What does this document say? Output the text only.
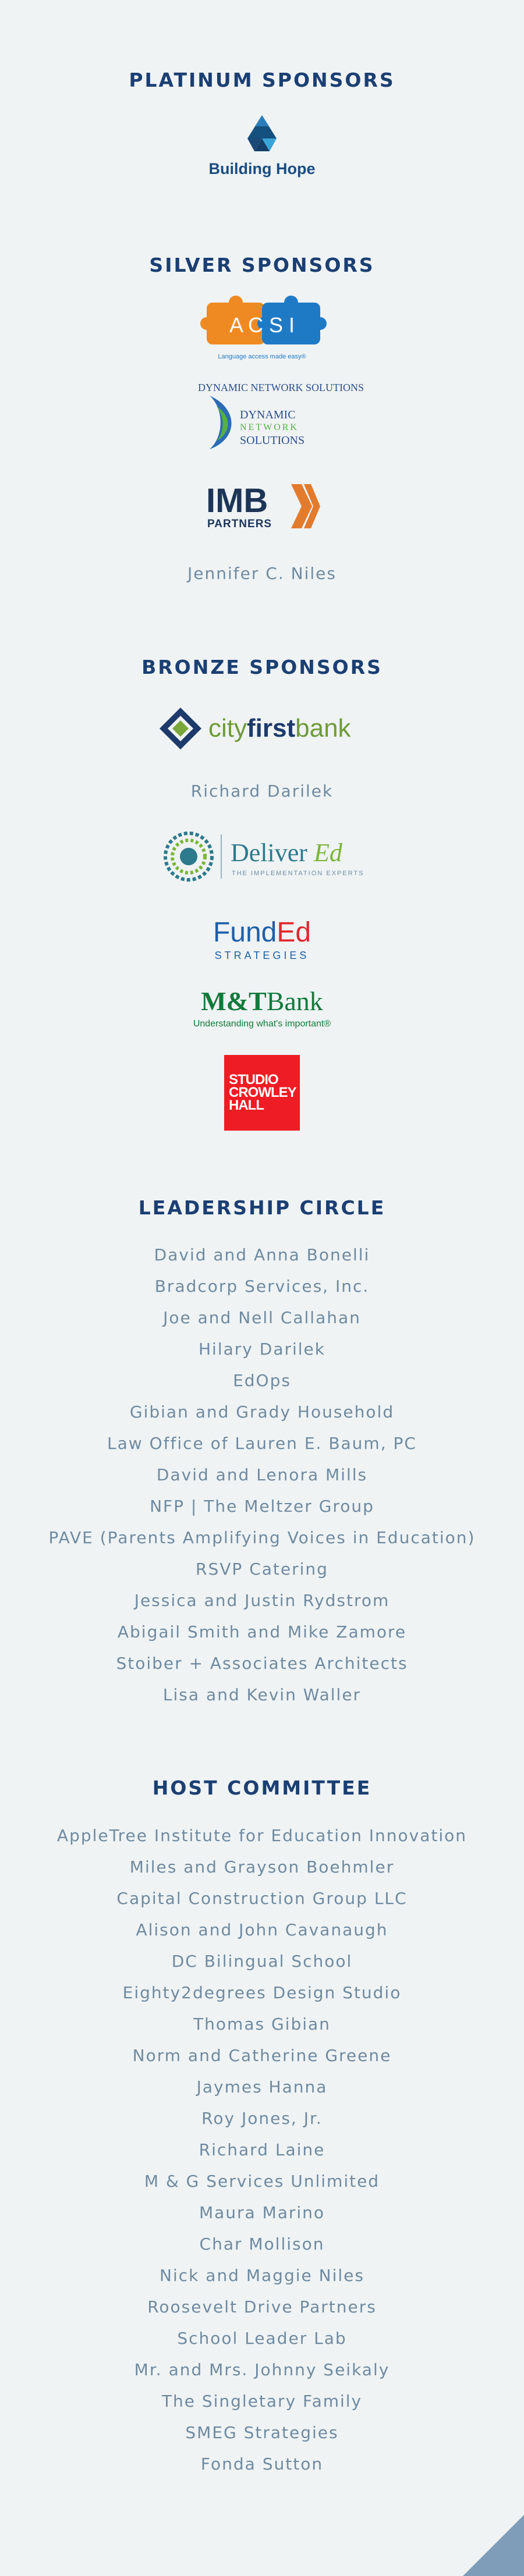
PLATINUM SPONSORS
Building Hope
SILVER SPONSORS
A C S I
Language access made easy®
DYNAMIC NETWORK SOLUTIONS
DYNAMIC
NETWORK
SOLUTIONS
IMB
PARTNERS
Jennifer C. Niles
BRONZE SPONSORS
cityfirstbank
Richard Darilek
Deliver Ed
THE IMPLEMENTATION EXPERTS
FundEd
STRATEGIES
M&TBank
Understanding what's important®
STUDIO
CROWLEY
HALL
LEADERSHIP CIRCLE
David and Anna Bonelli
Bradcorp Services, Inc.
Joe and Nell Callahan
Hilary Darilek
EdOps
Gibian and Grady Household
Law Office of Lauren E. Baum, PC
David and Lenora Mills
NFP | The Meltzer Group
PAVE (Parents Amplifying Voices in Education)
RSVP Catering
Jessica and Justin Rydstrom
Abigail Smith and Mike Zamore
Stoiber + Associates Architects
Lisa and Kevin Waller
HOST COMMITTEE
AppleTree Institute for Education Innovation
Miles and Grayson Boehmler
Capital Construction Group LLC
Alison and John Cavanaugh
DC Bilingual School
Eighty2degrees Design Studio
Thomas Gibian
Norm and Catherine Greene
Jaymes Hanna
Roy Jones, Jr.
Richard Laine
M & G Services Unlimited
Maura Marino
Char Mollison
Nick and Maggie Niles
Roosevelt Drive Partners
School Leader Lab
Mr. and Mrs. Johnny Seikaly
The Singletary Family
SMEG Strategies
Fonda Sutton
